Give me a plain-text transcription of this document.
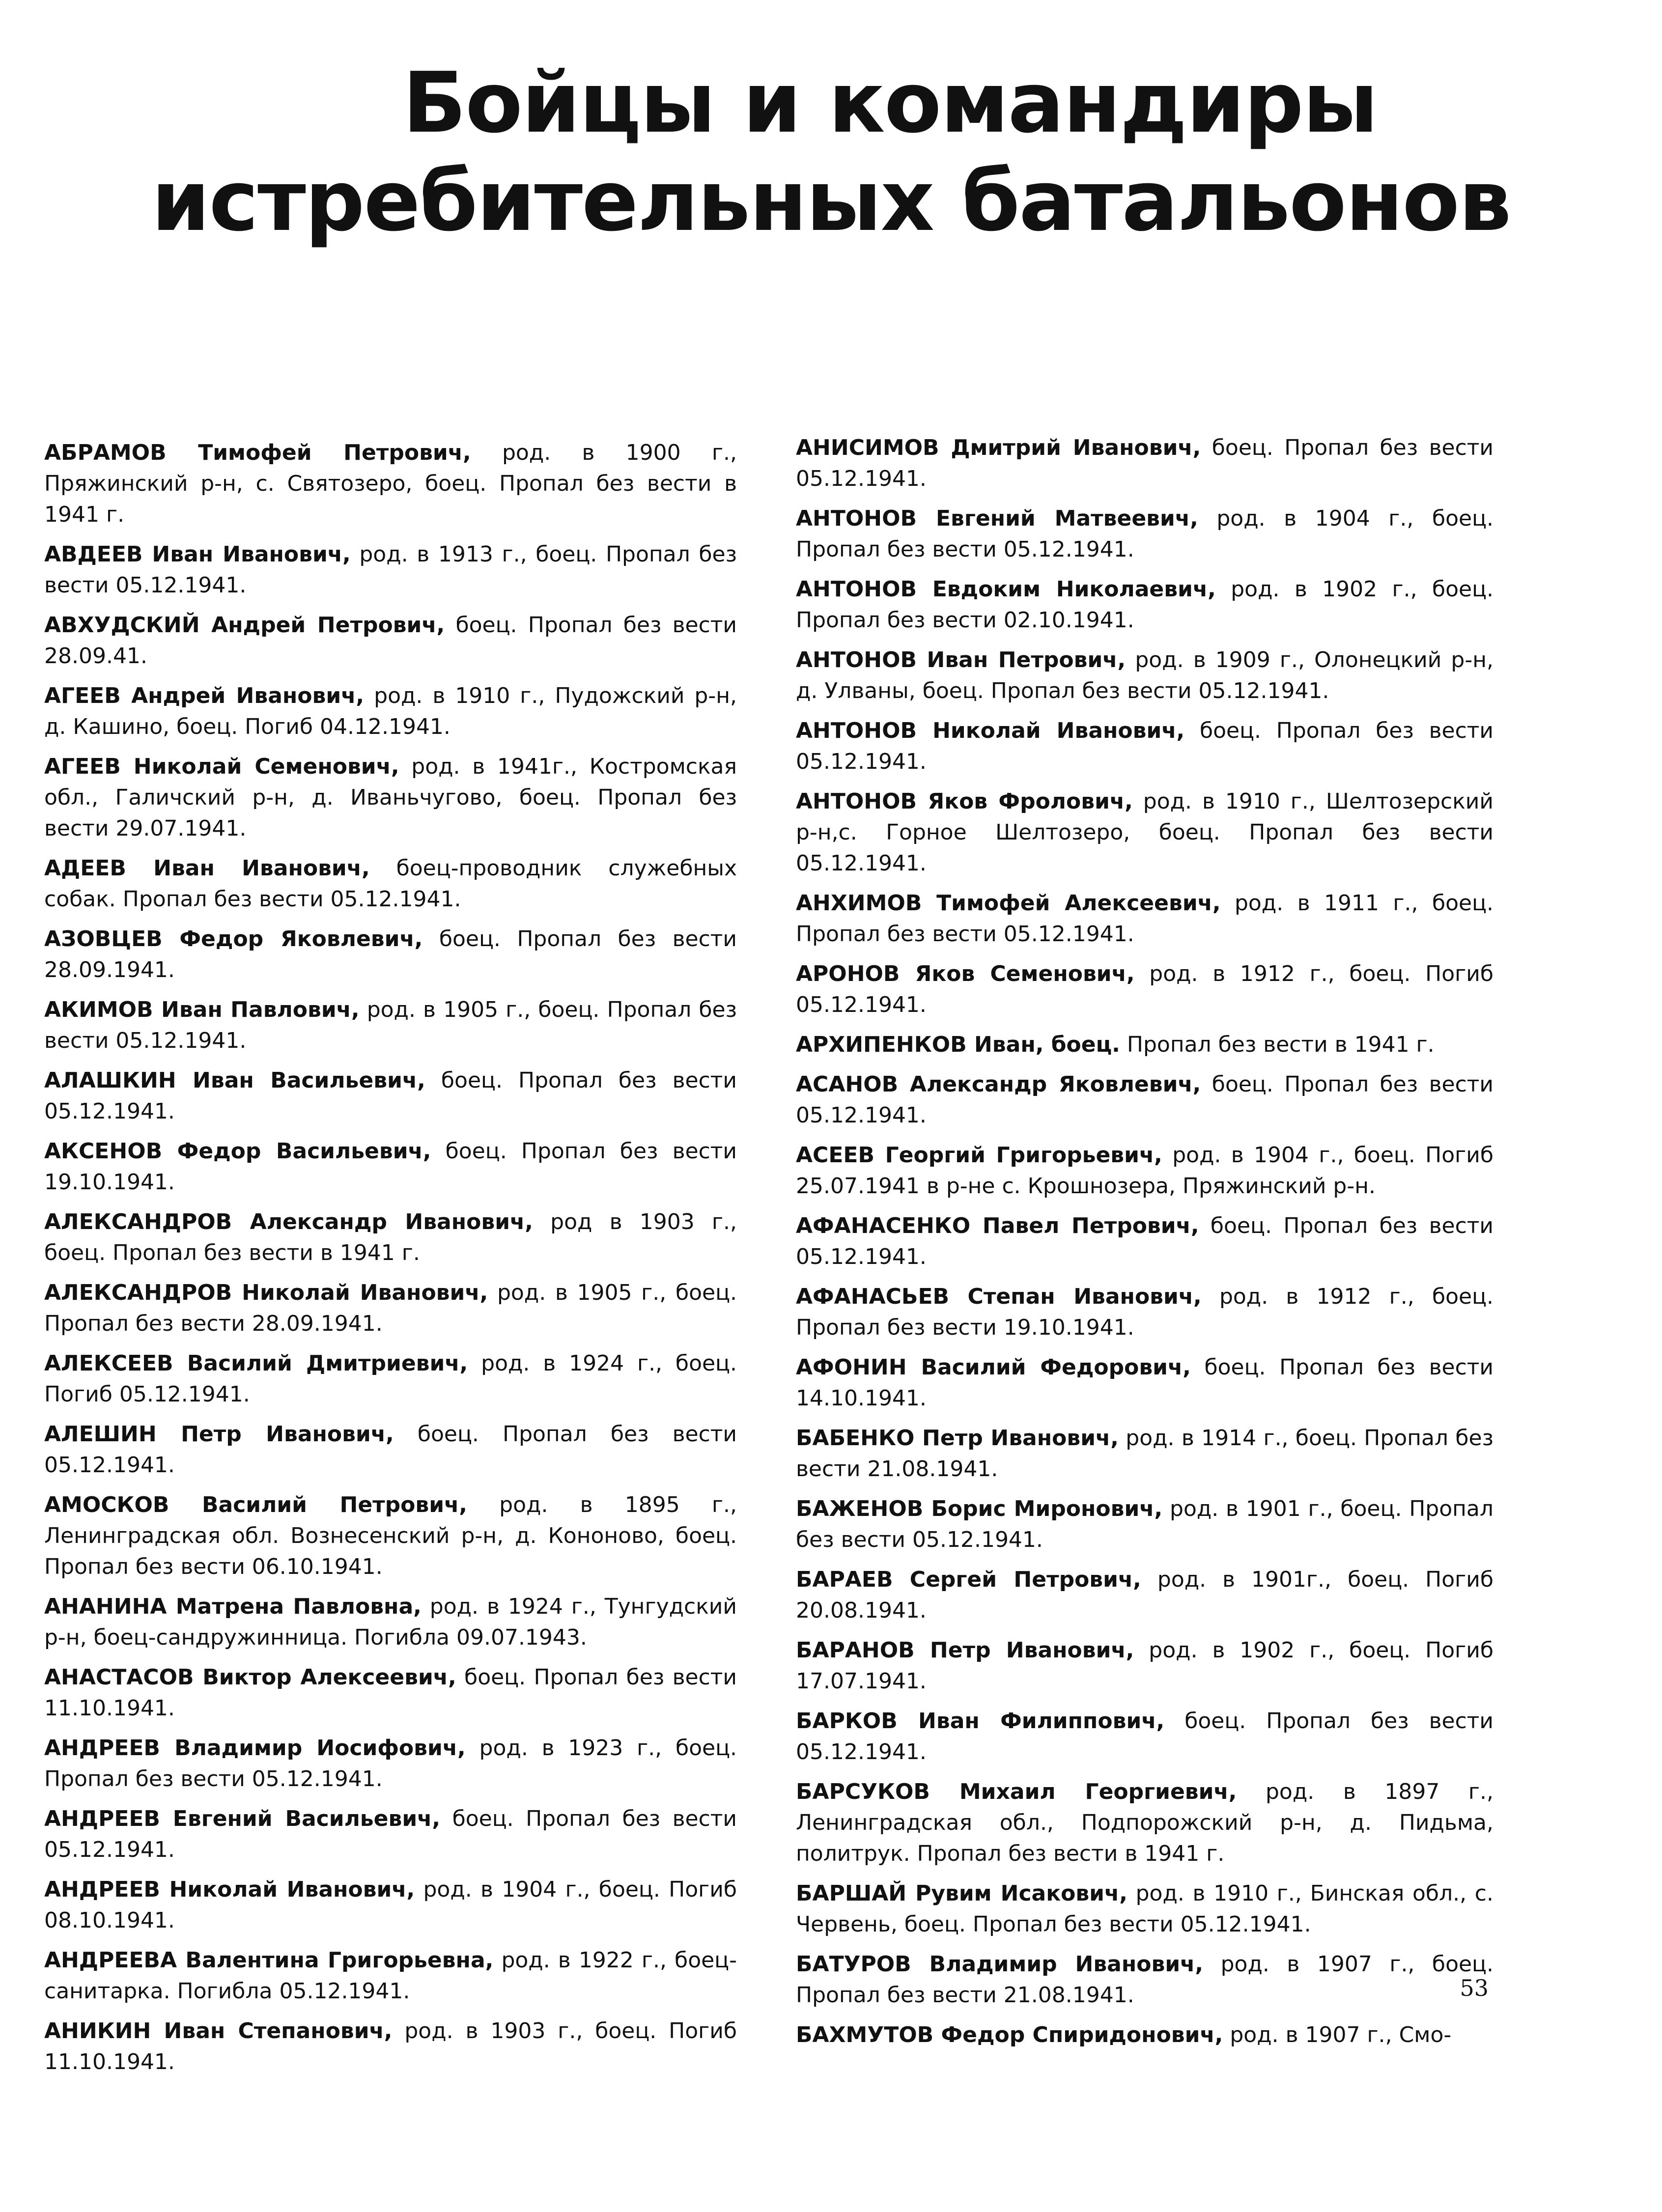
Бойцы и командиры
истребительных батальонов
АБРАМОВ Тимофей Петрович, род. в 1900 г., Пряжинский р-н, с. Святозеро, боец. Пропал без вести в 1941 г.
АВДЕЕВ Иван Иванович, род. в 1913 г., боец. Пропал без вести 05.12.1941.
АВХУДСКИЙ Андрей Петрович, боец. Пропал без вести 28.09.41.
АГЕЕВ Андрей Иванович, род. в 1910 г., Пудожский р-н, д. Кашино, боец. Погиб 04.12.1941.
АГЕЕВ Николай Семенович, род. в 1941г., Костромская обл., Галичский р-н, д. Иваньчугово, боец. Пропал без вести 29.07.1941.
АДЕЕВ Иван Иванович, боец-проводник служебных собак. Пропал без вести 05.12.1941.
АЗОВЦЕВ Федор Яковлевич, боец. Пропал без вести 28.09.1941.
АКИМОВ Иван Павлович, род. в 1905 г., боец. Пропал без вести 05.12.1941.
АЛАШКИН Иван Васильевич, боец. Пропал без вести 05.12.1941.
АКСЕНОВ Федор Васильевич, боец. Пропал без вести 19.10.1941.
АЛЕКСАНДРОВ Александр Иванович, род в 1903 г., боец. Пропал без вести в 1941 г.
АЛЕКСАНДРОВ Николай Иванович, род. в 1905 г., боец. Пропал без вести 28.09.1941.
АЛЕКСЕЕВ Василий Дмитриевич, род. в 1924 г., боец. Погиб 05.12.1941.
АЛЕШИН Петр Иванович, боец. Пропал без вести 05.12.1941.
АМОСКОВ Василий Петрович, род. в 1895 г., Ленинградская обл. Вознесенский р-н, д. Кононово, боец. Пропал без вести 06.10.1941.
АНАНИНА Матрена Павловна, род. в 1924 г., Тунгудский р-н, боец-сандружинница. Погибла 09.07.1943.
АНАСТАСОВ Виктор Алексеевич, боец. Пропал без вести 11.10.1941.
АНДРЕЕВ Владимир Иосифович, род. в 1923 г., боец. Пропал без вести 05.12.1941.
АНДРЕЕВ Евгений Васильевич, боец. Пропал без вести 05.12.1941.
АНДРЕЕВ Николай Иванович, род. в 1904 г., боец. Погиб 08.10.1941.
АНДРЕЕВА Валентина Григорьевна, род. в 1922 г., боец-санитарка. Погибла 05.12.1941.
АНИКИН Иван Степанович, род. в 1903 г., боец. Погиб 11.10.1941.
АНИСИМОВ Дмитрий Иванович, боец. Пропал без вести 05.12.1941.
АНТОНОВ Евгений Матвеевич, род. в 1904 г., боец. Пропал без вести 05.12.1941.
АНТОНОВ Евдоким Николаевич, род. в 1902 г., боец. Пропал без вести 02.10.1941.
АНТОНОВ Иван Петрович, род. в 1909 г., Олонецкий р-н, д. Улваны, боец. Пропал без вести 05.12.1941.
АНТОНОВ Николай Иванович, боец. Пропал без вести 05.12.1941.
АНТОНОВ Яков Фролович, род. в 1910 г., Шелтозерский р-н,с. Горное Шелтозеро, боец. Пропал без вести 05.12.1941.
АНХИМОВ Тимофей Алексеевич, род. в 1911 г., боец. Пропал без вести 05.12.1941.
АРОНОВ Яков Семенович, род. в 1912 г., боец. Погиб 05.12.1941.
АРХИПЕНКОВ Иван, боец. Пропал без вести в 1941 г.
АСАНОВ Александр Яковлевич, боец. Пропал без вести 05.12.1941.
АСЕЕВ Георгий Григорьевич, род. в 1904 г., боец. Погиб 25.07.1941 в р-не с. Крошнозера, Пряжинский р-н.
АФАНАСЕНКО Павел Петрович, боец. Пропал без вести 05.12.1941.
АФАНАСЬЕВ Степан Иванович, род. в 1912 г., боец. Пропал без вести 19.10.1941.
АФОНИН Василий Федорович, боец. Пропал без вести 14.10.1941.
БАБЕНКО Петр Иванович, род. в 1914 г., боец. Пропал без вести 21.08.1941.
БАЖЕНОВ Борис Миронович, род. в 1901 г., боец. Пропал без вести 05.12.1941.
БАРАЕВ Сергей Петрович, род. в 1901г., боец. Погиб 20.08.1941.
БАРАНОВ Петр Иванович, род. в 1902 г., боец. Погиб 17.07.1941.
БАРКОВ Иван Филиппович, боец. Пропал без вести 05.12.1941.
БАРСУКОВ Михаил Георгиевич, род. в 1897 г., Ленинградская обл., Подпорожский р-н, д. Пидьма, политрук. Пропал без вести в 1941 г.
БАРШАЙ Рувим Исакович, род. в 1910 г., Бинская обл., с. Червень, боец. Пропал без вести 05.12.1941.
БАТУРОВ Владимир Иванович, род. в 1907 г., боец. Пропал без вести 21.08.1941.
БАХМУТОВ Федор Спиридонович, род. в 1907 г., Смо-
53
